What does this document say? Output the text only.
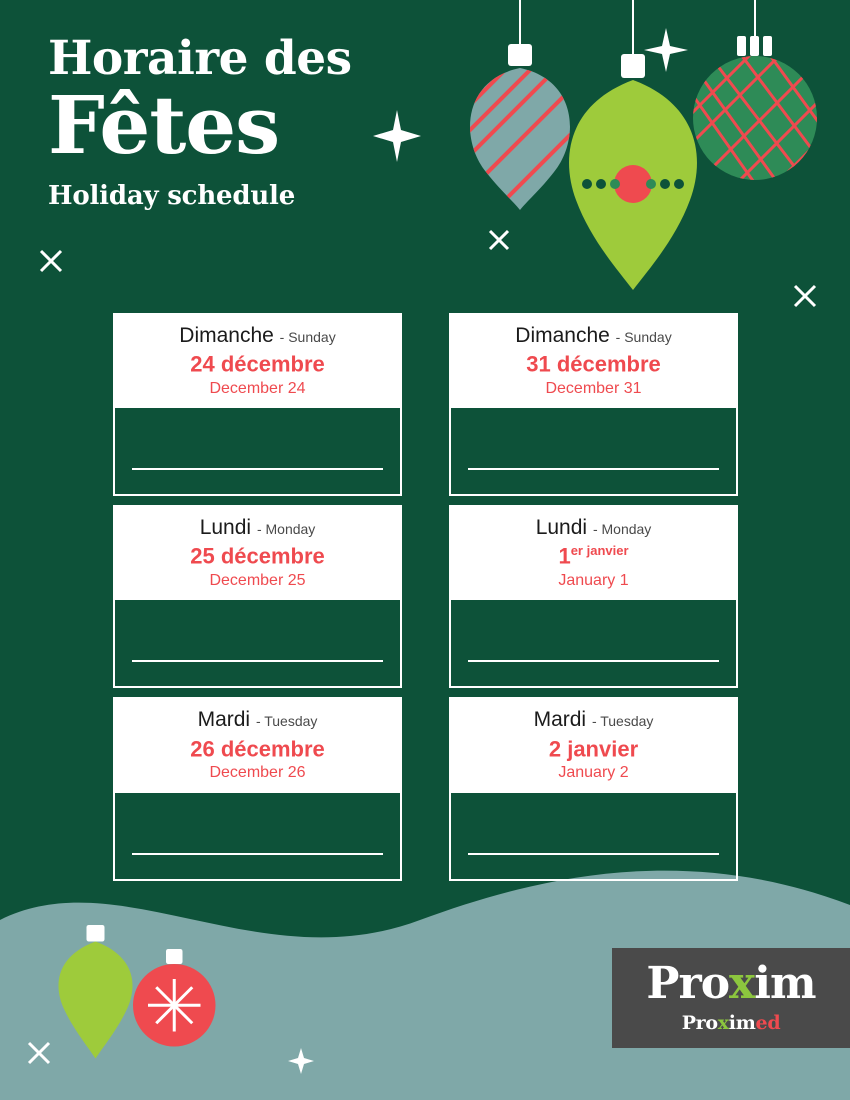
Horaire des
Fêtes
Holiday schedule
Dimanche - Sunday
24 décembre
December 24
Dimanche - Sunday
31 décembre
December 31
Lundi - Monday
25 décembre
December 25
Lundi - Monday
$1^{er janvier}$
January 1
Mardi - Tuesday
26 décembre
December 26
Mardi - Tuesday
2 janvier
January 2
Proxim
Proximed
